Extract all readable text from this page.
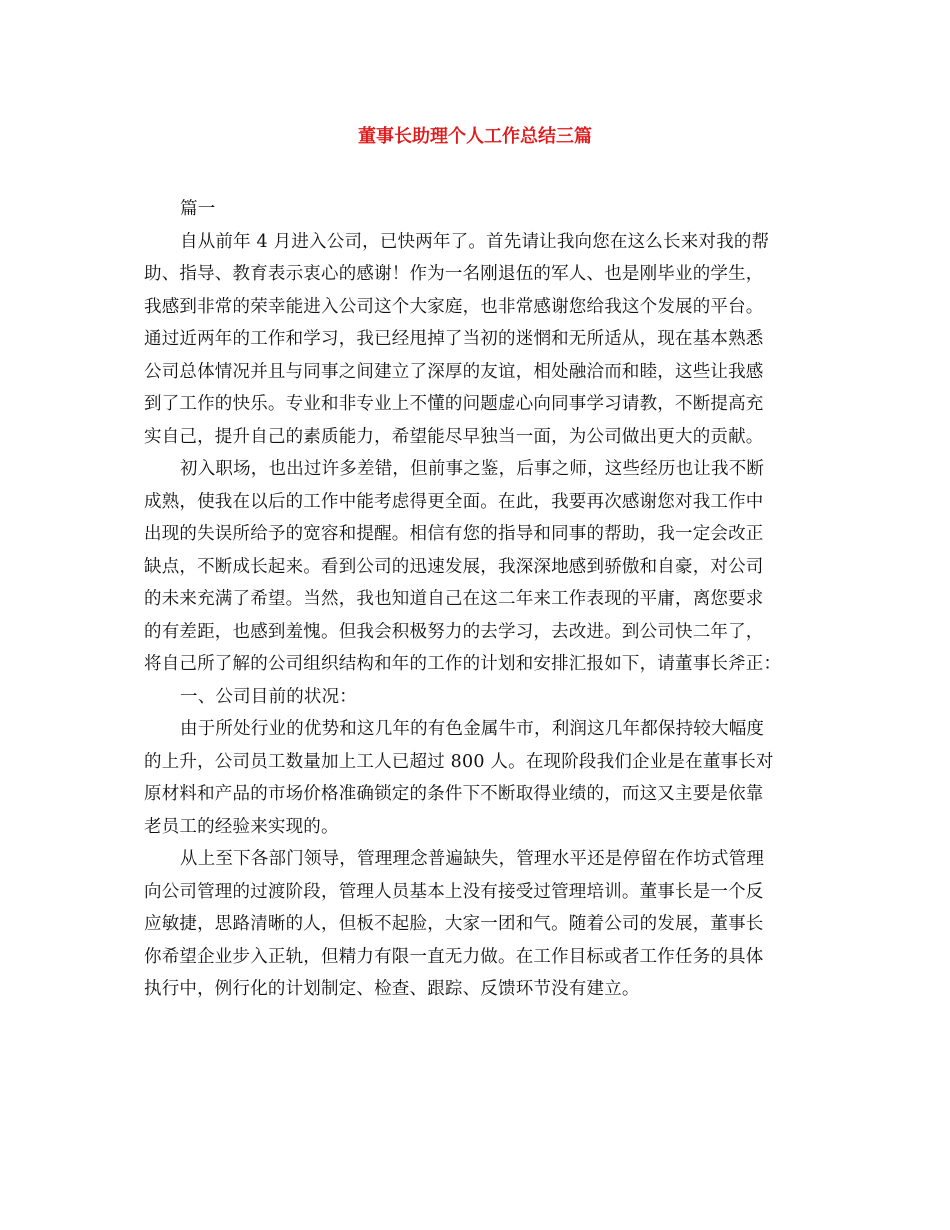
董事长助理个人工作总结三篇
篇一
自从前年 4 月进入公司，已快两年了。首先请让我向您在这么长来对我的帮
助、指导、教育表示衷心的感谢！作为一名刚退伍的军人、也是刚毕业的学生，
我感到非常的荣幸能进入公司这个大家庭，也非常感谢您给我这个发展的平台。
通过近两年的工作和学习，我已经甩掉了当初的迷惘和无所适从，现在基本熟悉
公司总体情况并且与同事之间建立了深厚的友谊，相处融洽而和睦，这些让我感
到了工作的快乐。专业和非专业上不懂的问题虚心向同事学习请教，不断提高充
实自己，提升自己的素质能力，希望能尽早独当一面，为公司做出更大的贡献。
初入职场，也出过许多差错，但前事之鉴，后事之师，这些经历也让我不断
成熟，使我在以后的工作中能考虑得更全面。在此，我要再次感谢您对我工作中
出现的失误所给予的宽容和提醒。相信有您的指导和同事的帮助，我一定会改正
缺点，不断成长起来。看到公司的迅速发展，我深深地感到骄傲和自豪，对公司
的未来充满了希望。当然，我也知道自己在这二年来工作表现的平庸，离您要求
的有差距，也感到羞愧。但我会积极努力的去学习，去改进。到公司快二年了，
将自己所了解的公司组织结构和年的工作的计划和安排汇报如下，请董事长斧正：
一、公司目前的状况：
由于所处行业的优势和这几年的有色金属牛市，利润这几年都保持较大幅度
的上升，公司员工数量加上工人已超过 800 人。在现阶段我们企业是在董事长对
原材料和产品的市场价格准确锁定的条件下不断取得业绩的，而这又主要是依靠
老员工的经验来实现的。
从上至下各部门领导，管理理念普遍缺失，管理水平还是停留在作坊式管理
向公司管理的过渡阶段，管理人员基本上没有接受过管理培训。董事长是一个反
应敏捷，思路清晰的人，但板不起脸，大家一团和气。随着公司的发展，董事长
你希望企业步入正轨，但精力有限一直无力做。在工作目标或者工作任务的具体
执行中，例行化的计划制定、检查、跟踪、反馈环节没有建立。
